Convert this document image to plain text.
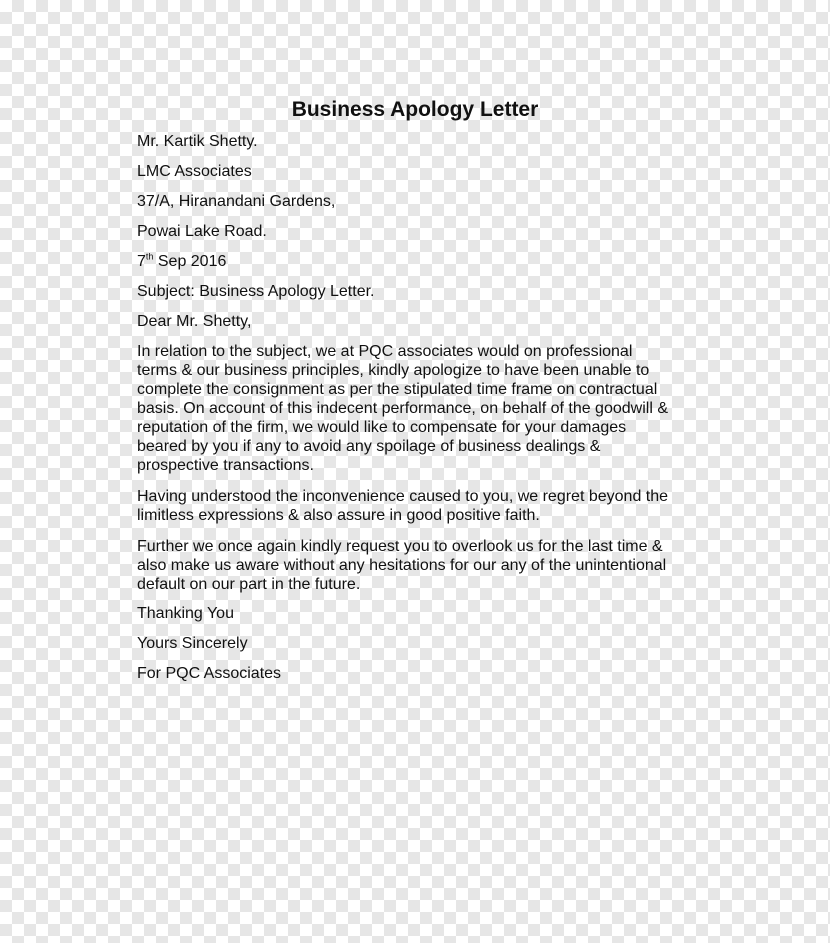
Business Apology Letter

Mr. Kartik Shetty.

LMC Associates

37/A, Hiranandani Gardens,

Powai Lake Road.

7th Sep 2016

Subject: Business Apology Letter.

Dear Mr. Shetty,

In relation to the subject, we at PQC associates would on professional
terms & our business principles, kindly apologize to have been unable to
complete the consignment as per the stipulated time frame on contractual
basis. On account of this indecent performance, on behalf of the goodwill &
reputation of the firm, we would like to compensate for your damages
beared by you if any to avoid any spoilage of business dealings &
prospective transactions.
Having understood the inconvenience caused to you, we regret beyond the
limitless expressions & also assure in good positive faith.
Further we once again kindly request you to overlook us for the last time &
also make us aware without any hesitations for our any of the unintentional
default on our part in the future.

Thanking You

Yours Sincerely

For PQC Associates
